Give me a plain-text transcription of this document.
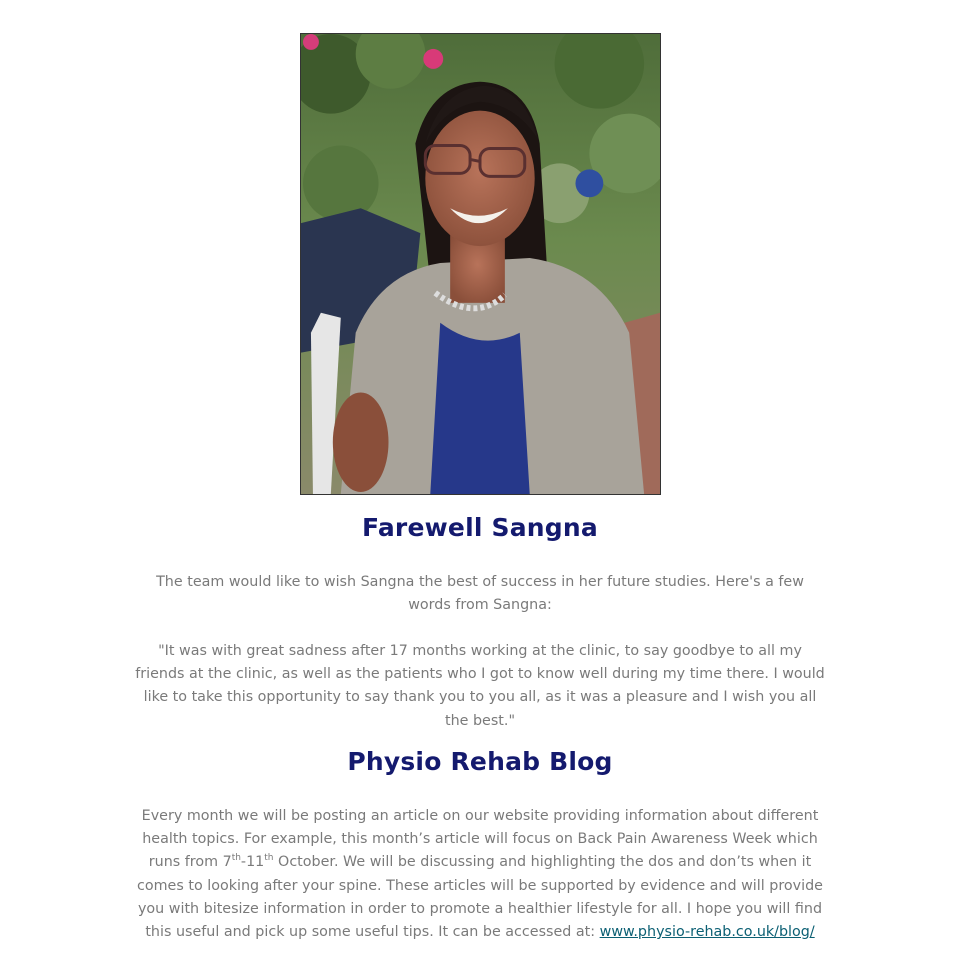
Farewell Sangna

The team would like to wish Sangna the best of success in her future studies. Here's a few words from Sangna:

"It was with great sadness after 17 months working at the clinic, to say goodbye to all my friends at the clinic, as well as the patients who I got to know well during my time there. I would like to take this opportunity to say thank you to you all, as it was a pleasure and I wish you all the best."

Physio Rehab Blog

Every month we will be posting an article on our website providing information about different health topics. For example, this month’s article will focus on Back Pain Awareness Week which runs from 7th-11th October. We will be discussing and highlighting the dos and don’ts when it comes to looking after your spine. These articles will be supported by evidence and will provide you with bitesize information in order to promote a healthier lifestyle for all. I hope you will find this useful and pick up some useful tips. It can be accessed at: www.physio-rehab.co.uk/blog/
